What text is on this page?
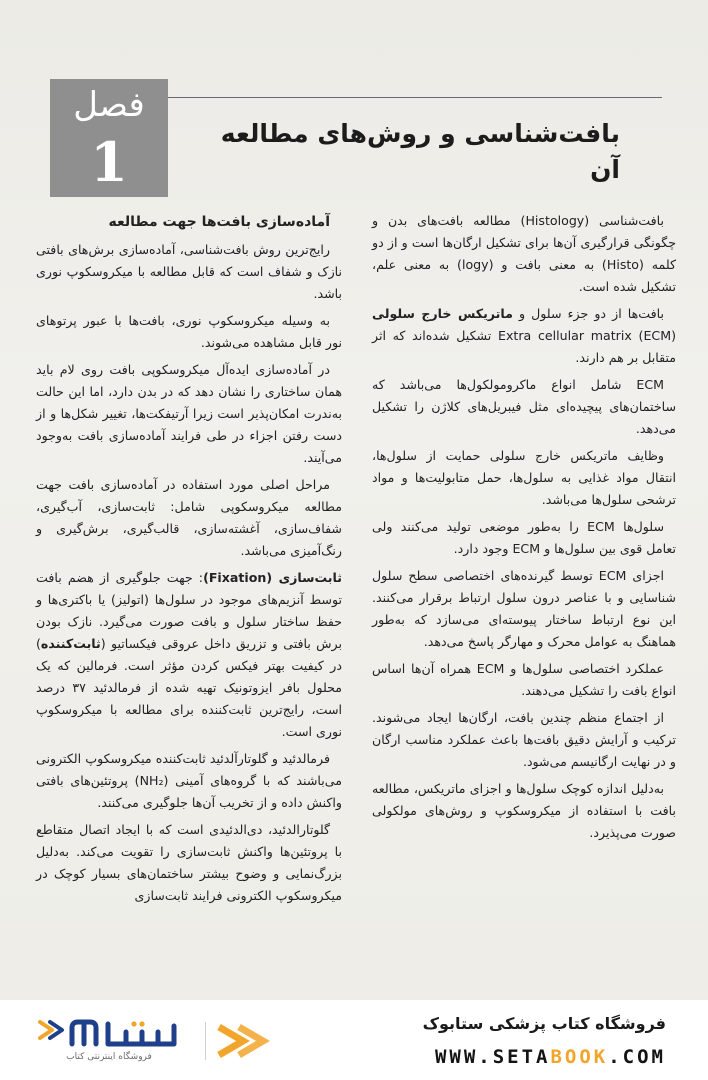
فصل
1	بافت‌شناسی و روش‌های مطالعه آن

بافت‌شناسی (Histology) مطالعه بافت‌های بدن و چگونگی قرارگیری آن‌ها برای تشکیل ارگان‌ها است و از دو کلمه (Histo) به معنی بافت و (logy) به معنی علم، تشکیل شده است.

بافت‌ها از دو جزء سلول و ماتریکس خارج سلولی (ECM) Extra cellular matrix تشکیل شده‌اند که اثر متقابل بر هم دارند.

ECM شامل انواع ماکرومولکول‌ها می‌باشد که ساختمان‌های پیچیده‌ای مثل فیبریل‌های کلاژن را تشکیل می‌دهد.

وظایف ماتریکس خارج سلولی حمایت از سلول‌ها، انتقال مواد غذایی به سلول‌ها، حمل متابولیت‌ها و مواد ترشحی سلول‌ها می‌باشد.

سلول‌ها ECM را به‌طور موضعی تولید می‌کنند ولی تعامل قوی بین سلول‌ها و ECM وجود دارد.

اجزای ECM توسط گیرنده‌های اختصاصی سطح سلول شناسایی و با عناصر درون سلول ارتباط برقرار می‌کنند. این نوع ارتباط ساختار پیوسته‌ای می‌سازد که به‌طور هماهنگ به عوامل محرک و مهارگر پاسخ می‌دهد.

عملکرد اختصاصی سلول‌ها و ECM همراه آن‌ها اساس انواع بافت را تشکیل می‌دهند.

از اجتماع منظم چندین بافت، ارگان‌ها ایجاد می‌شوند. ترکیب و آرایش دقیق بافت‌ها باعث عملکرد مناسب ارگان و در نهایت ارگانیسم می‌شود.

به‌دلیل اندازه کوچک سلول‌ها و اجزای ماتریکس، مطالعه بافت با استفاده از میکروسکوپ و روش‌های مولکولی صورت می‌پذیرد.

آماده‌سازی بافت‌ها جهت مطالعه

رایج‌ترین روش بافت‌شناسی، آماده‌سازی برش‌های بافتی نازک و شفاف است که قابل مطالعه با میکروسکوپ نوری باشد.

به وسیله میکروسکوپ نوری، بافت‌ها با عبور پرتوهای نور قابل مشاهده می‌شوند.

در آماده‌سازی ایده‌آل میکروسکوپی بافت روی لام باید همان ساختاری را نشان دهد که در بدن دارد، اما این حالت به‌ندرت امکان‌پذیر است زیرا آرتیفکت‌ها، تغییر شکل‌ها و از دست رفتن اجزاء در طی فرایند آماده‌سازی بافت به‌وجود می‌آیند.

مراحل اصلی مورد استفاده در آماده‌سازی بافت جهت مطالعه میکروسکوپی شامل: ثابت‌سازی، آب‌گیری، شفاف‌سازی، آغشته‌سازی، قالب‌گیری، برش‌گیری و رنگ‌آمیزی می‌باشد.

ثابت‌سازی (Fixation): جهت جلوگیری از هضم بافت توسط آنزیم‌های موجود در سلول‌ها (اتولیز) یا باکتری‌ها و حفظ ساختار سلول و بافت صورت می‌گیرد. نازک بودن برش بافتی و تزریق داخل عروقی فیکساتیو (ثابت‌کننده) در کیفیت بهتر فیکس کردن مؤثر است. فرمالین که یک محلول بافر ایزوتونیک تهیه شده از فرمالدئید ۳۷ درصد است، رایج‌ترین ثابت‌کننده برای مطالعه با میکروسکوپ نوری است.

فرمالدئید و گلوتارآلدئید ثابت‌کننده میکروسکوپ الکترونی می‌باشند که با گروه‌های آمینی (NH₂) پروتئین‌های بافتی واکنش داده و از تخریب آن‌ها جلوگیری می‌کنند.

گلوتارالدئید، دی‌الدئیدی است که با ایجاد اتصال متقاطع با پروتئین‌ها واکنش ثابت‌سازی را تقویت می‌کند. به‌دلیل بزرگ‌نمایی و وضوح بیشتر ساختمان‌های بسیار کوچک در میکروسکوپ الکترونی فرایند ثابت‌سازی

فروشگاه اینترنتی کتاب
فروشگاه کتاب پزشکی ستابوک
WWW.SETABOOK.COM
